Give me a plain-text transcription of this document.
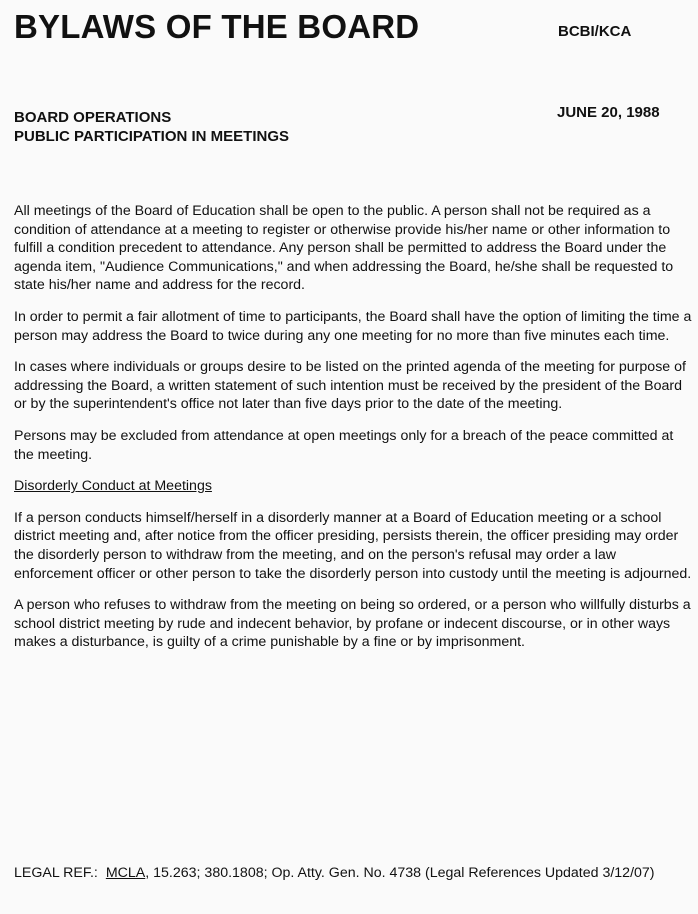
BYLAWS OF THE BOARD	BCBI/KCA
BOARD OPERATIONS
PUBLIC PARTICIPATION IN MEETINGS
JUNE 20, 1988

All meetings of the Board of Education shall be open to the public. A person shall not be required as a condition of attendance at a meeting to register or otherwise provide his/her name or other information to fulfill a condition precedent to attendance. Any person shall be permitted to address the Board under the agenda item, "Audience Communications," and when addressing the Board, he/she shall be requested to state his/her name and address for the record.

In order to permit a fair allotment of time to participants, the Board shall have the option of limiting the time a person may address the Board to twice during any one meeting for no more than five minutes each time.

In cases where individuals or groups desire to be listed on the printed agenda of the meeting for purpose of addressing the Board, a written statement of such intention must be received by the president of the Board or by the superintendent's office not later than five days prior to the date of the meeting.

Persons may be excluded from attendance at open meetings only for a breach of the peace committed at the meeting.

Disorderly Conduct at Meetings

If a person conducts himself/herself in a disorderly manner at a Board of Education meeting or a school district meeting and, after notice from the officer presiding, persists therein, the officer presiding may order the disorderly person to withdraw from the meeting, and on the person's refusal may order a law enforcement officer or other person to take the disorderly person into custody until the meeting is adjourned.

A person who refuses to withdraw from the meeting on being so ordered, or a person who willfully disturbs a school district meeting by rude and indecent behavior, by profane or indecent discourse, or in other ways makes a disturbance, is guilty of a crime punishable by a fine or by imprisonment.

LEGAL REF.: MCLA, 15.263; 380.1808; Op. Atty. Gen. No. 4738 (Legal References Updated 3/12/07)
